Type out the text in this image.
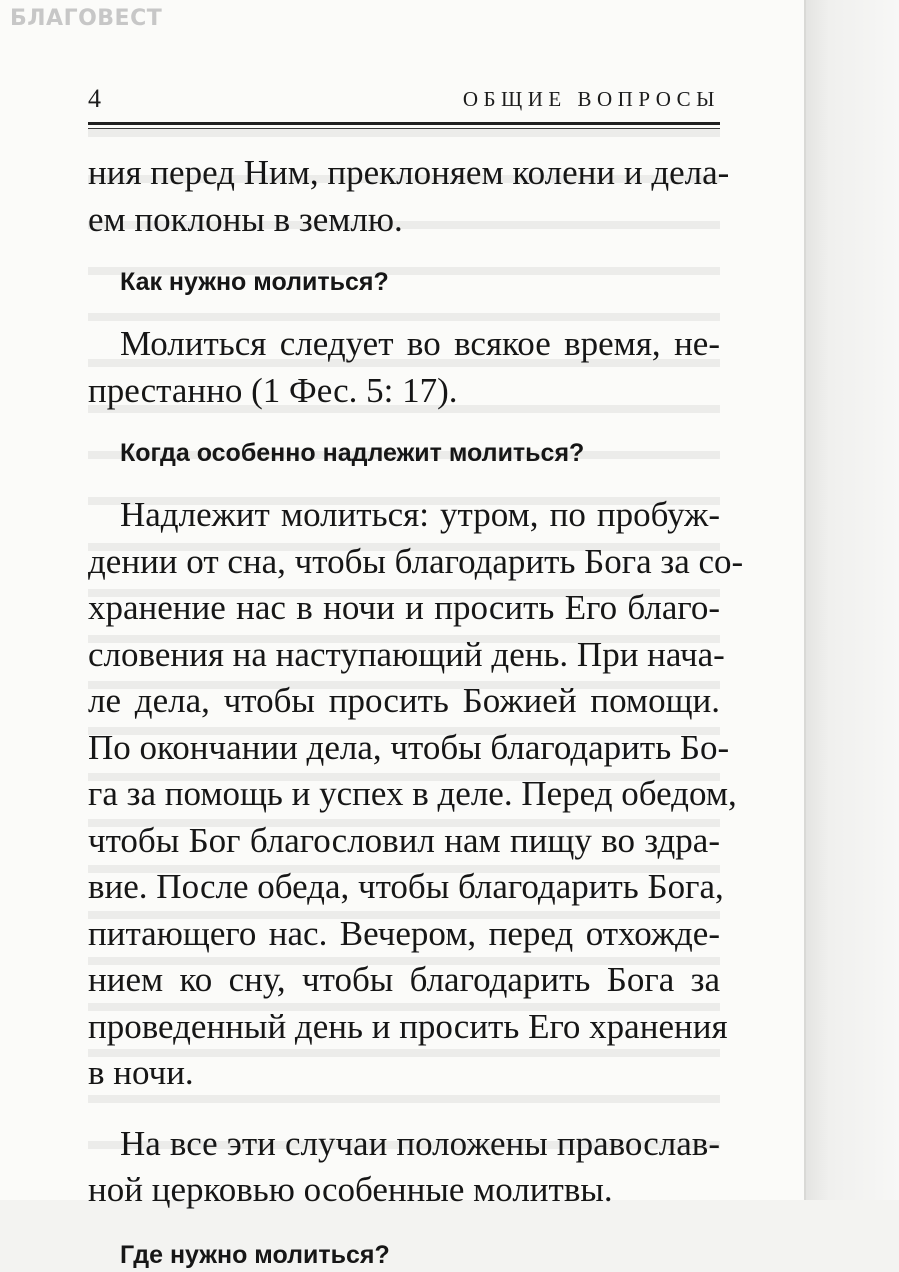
БЛАГОВЕСТ
4	ОБЩИЕ ВОПРОСЫ
ния перед Ним, преклоняем колени и дела-
ем поклоны в землю.
Как нужно молиться?
Молиться следует во всякое время, не-
престанно (1 Фес. 5: 17).
Когда особенно надлежит молиться?
Надлежит молиться: утром, по пробуж-
дении от сна, чтобы благодарить Бога за со-
хранение нас в ночи и просить Его благо-
словения на наступающий день. При нача-
ле дела, чтобы просить Божией помощи.
По окончании дела, чтобы благодарить Бо-
га за помощь и успех в деле. Перед обедом,
чтобы Бог благословил нам пищу во здра-
вие. После обеда, чтобы благодарить Бога,
питающего нас. Вечером, перед отхожде-
нием ко сну, чтобы благодарить Бога за
проведенный день и просить Его хранения
в ночи.
На все эти случаи положены православ-
ной церковью особенные молитвы.
Где нужно молиться?
